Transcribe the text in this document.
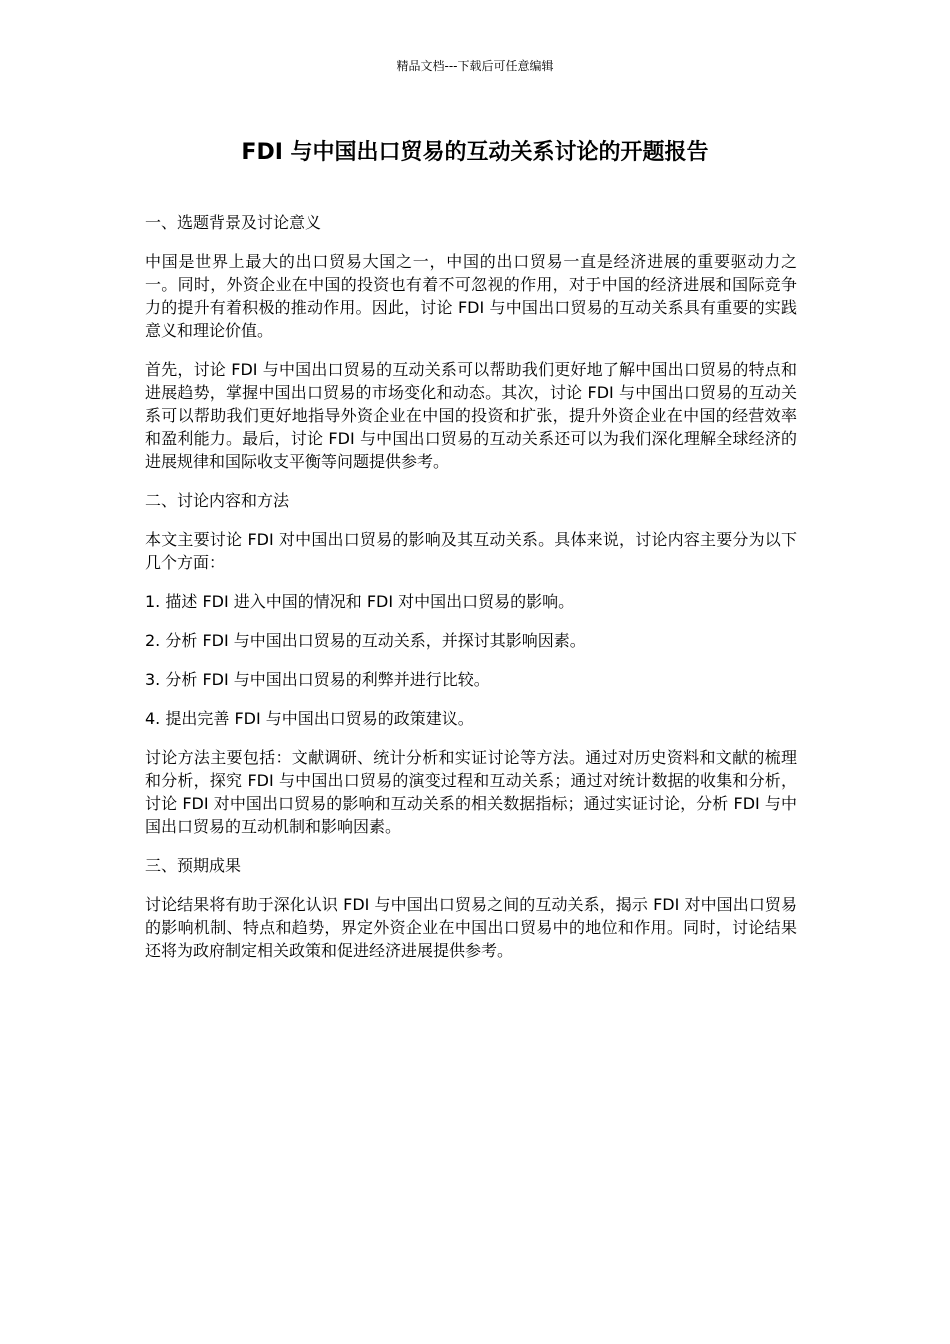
精品文档---下载后可任意编辑
FDI 与中国出口贸易的互动关系讨论的开题报告

一、选题背景及讨论意义

中国是世界上最大的出口贸易大国之一，中国的出口贸易一直是经济进展的重要驱动力之一。同时，外资企业在中国的投资也有着不可忽视的作用，对于中国的经济进展和国际竞争力的提升有着积极的推动作用。因此，讨论 FDI 与中国出口贸易的互动关系具有重要的实践意义和理论价值。

首先，讨论 FDI 与中国出口贸易的互动关系可以帮助我们更好地了解中国出口贸易的特点和进展趋势，掌握中国出口贸易的市场变化和动态。其次，讨论 FDI 与中国出口贸易的互动关系可以帮助我们更好地指导外资企业在中国的投资和扩张，提升外资企业在中国的经营效率和盈利能力。最后，讨论 FDI 与中国出口贸易的互动关系还可以为我们深化理解全球经济的进展规律和国际收支平衡等问题提供参考。

二、讨论内容和方法

本文主要讨论 FDI 对中国出口贸易的影响及其互动关系。具体来说，讨论内容主要分为以下几个方面：

1. 描述 FDI 进入中国的情况和 FDI 对中国出口贸易的影响。

2. 分析 FDI 与中国出口贸易的互动关系，并探讨其影响因素。

3. 分析 FDI 与中国出口贸易的利弊并进行比较。

4. 提出完善 FDI 与中国出口贸易的政策建议。

讨论方法主要包括：文献调研、统计分析和实证讨论等方法。通过对历史资料和文献的梳理和分析，探究 FDI 与中国出口贸易的演变过程和互动关系；通过对统计数据的收集和分析，讨论 FDI 对中国出口贸易的影响和互动关系的相关数据指标；通过实证讨论，分析 FDI 与中国出口贸易的互动机制和影响因素。

三、预期成果

讨论结果将有助于深化认识 FDI 与中国出口贸易之间的互动关系，揭示 FDI 对中国出口贸易的影响机制、特点和趋势，界定外资企业在中国出口贸易中的地位和作用。同时，讨论结果还将为政府制定相关政策和促进经济进展提供参考。
